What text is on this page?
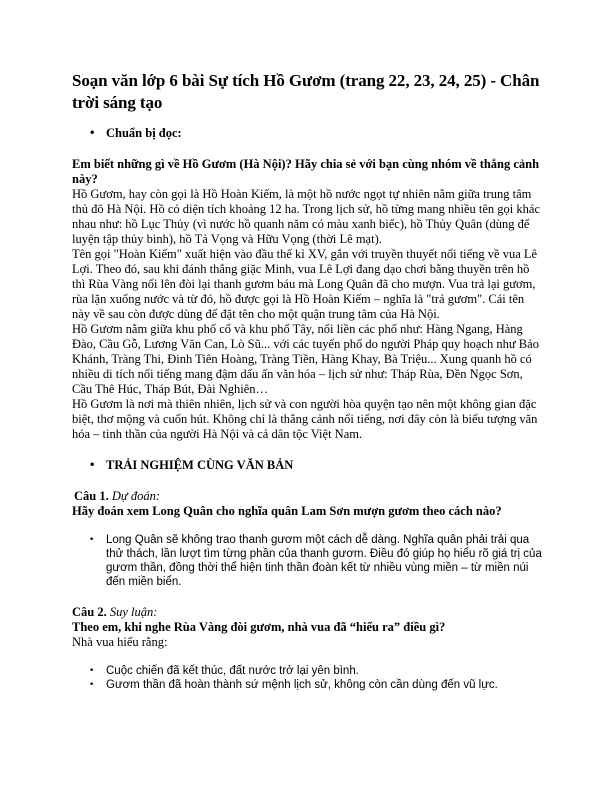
Soạn văn lớp 6 bài Sự tích Hồ Gươm (trang 22, 23, 24, 25) - Chân trời sáng tạo
• Chuẩn bị đọc:

Em biết những gì về Hồ Gươm (Hà Nội)? Hãy chia sẻ với bạn cùng nhóm về thắng cảnh này?

Hồ Gươm, hay còn gọi là Hồ Hoàn Kiếm, là một hồ nước ngọt tự nhiên nằm giữa trung tâm thủ đô Hà Nội. Hồ có diện tích khoảng 12 ha. Trong lịch sử, hồ từng mang nhiều tên gọi khác nhau như: hồ Lục Thủy (vì nước hồ quanh năm có màu xanh biếc), hồ Thủy Quân (dùng để luyện tập thủy binh), hồ Tả Vọng và Hữu Vọng (thời Lê mạt).

Tên gọi "Hoàn Kiếm" xuất hiện vào đầu thế kỉ XV, gắn với truyền thuyết nổi tiếng về vua Lê Lợi. Theo đó, sau khi đánh thắng giặc Minh, vua Lê Lợi đang dạo chơi bằng thuyền trên hồ thì Rùa Vàng nổi lên đòi lại thanh gươm báu mà Long Quân đã cho mượn. Vua trả lại gươm, rùa lặn xuống nước và từ đó, hồ được gọi là Hồ Hoàn Kiếm – nghĩa là "trả gươm". Cái tên này về sau còn được dùng để đặt tên cho một quận trung tâm của Hà Nội.

Hồ Gươm nằm giữa khu phố cổ và khu phố Tây, nối liền các phố như: Hàng Ngang, Hàng Đào, Cầu Gỗ, Lương Văn Can, Lò Sũ... với các tuyến phố do người Pháp quy hoạch như Bảo Khánh, Tràng Thi, Đinh Tiên Hoàng, Tràng Tiền, Hàng Khay, Bà Triệu... Xung quanh hồ có nhiều di tích nổi tiếng mang đậm dấu ấn văn hóa – lịch sử như: Tháp Rùa, Đền Ngọc Sơn, Cầu Thê Húc, Tháp Bút, Đài Nghiên…

Hồ Gươm là nơi mà thiên nhiên, lịch sử và con người hòa quyện tạo nên một không gian đặc biệt, thơ mộng và cuốn hút. Không chỉ là thắng cảnh nổi tiếng, nơi đây còn là biểu tượng văn hóa – tinh thần của người Hà Nội và cả dân tộc Việt Nam.

• TRẢI NGHIỆM CÙNG VĂN BẢN

Câu 1. Dự đoán:

Hãy đoán xem Long Quân cho nghĩa quân Lam Sơn mượn gươm theo cách nào?

• Long Quân sẽ không trao thanh gươm một cách dễ dàng. Nghĩa quân phải trải qua thử thách, lần lượt tìm từng phần của thanh gươm. Điều đó giúp họ hiểu rõ giá trị của gươm thần, đồng thời thể hiện tinh thần đoàn kết từ nhiều vùng miền – từ miền núi đến miền biển.

Câu 2. Suy luận:

Theo em, khi nghe Rùa Vàng đòi gươm, nhà vua đã “hiểu ra” điều gì?

Nhà vua hiểu rằng:

• Cuộc chiến đã kết thúc, đất nước trở lại yên bình.
• Gươm thần đã hoàn thành sứ mệnh lịch sử, không còn cần dùng đến vũ lực.
